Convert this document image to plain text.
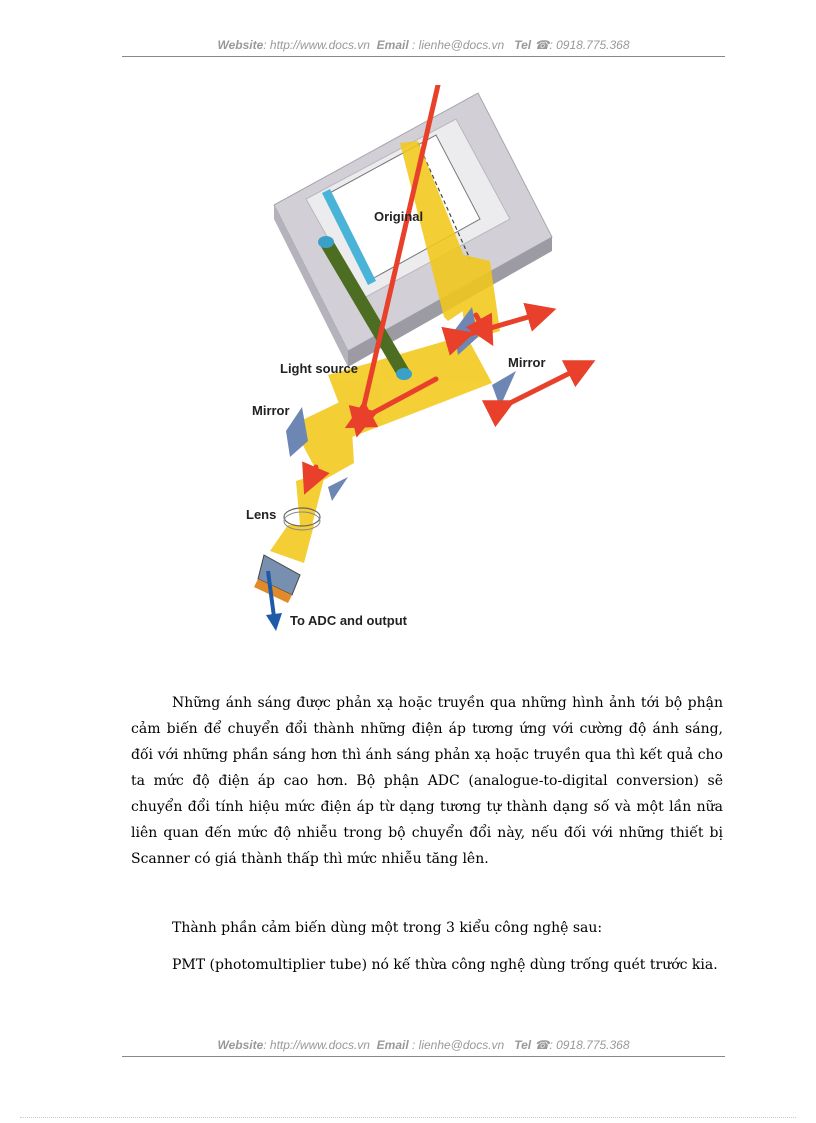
Website: http://www.docs.vn Email : lienhe@docs.vn Tel ☎: 0918.775.368
Original
Light source	Mirror
Mirror
Lens
To ADC and output
Những ánh sáng được phản xạ hoặc truyền qua những hình ảnh tới bộ phận cảm biến để chuyển đổi thành những điện áp tương ứng với cường độ ánh sáng, đối với những phần sáng hơn thì ánh sáng phản xạ hoặc truyền qua thì kết quả cho ta mức độ điện áp cao hơn. Bộ phận ADC (analogue-to-digital conversion) sẽ chuyển đổi tính hiệu mức điện áp từ dạng tương tự thành dạng số và một lần nữa liên quan đến mức độ nhiễu trong bộ chuyển đổi này, nếu đối với những thiết bị Scanner có giá thành thấp thì mức nhiễu tăng lên.
Thành phần cảm biến dùng một trong 3 kiểu công nghệ sau:
PMT (photomultiplier tube) nó kế thừa công nghệ dùng trống quét trước kia.
Website: http://www.docs.vn Email : lienhe@docs.vn Tel ☎: 0918.775.368
